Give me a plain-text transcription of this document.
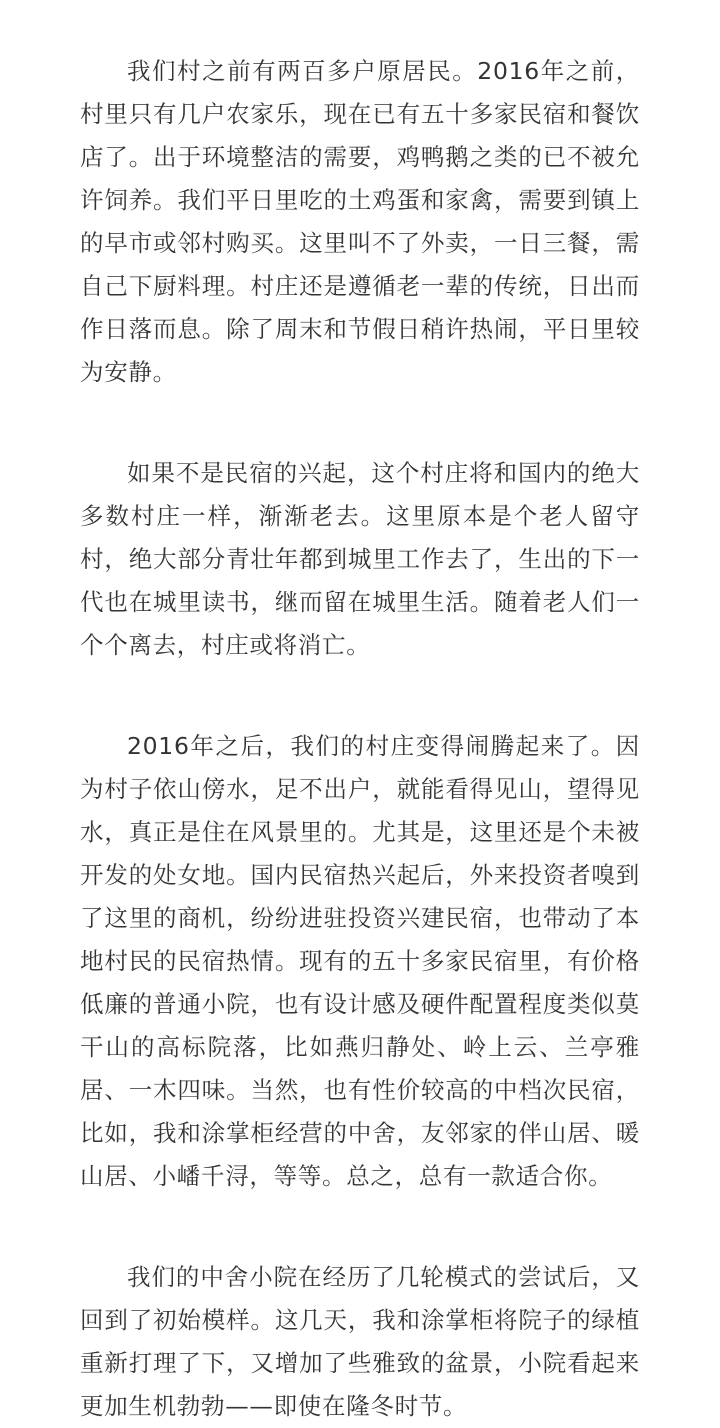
我们村之前有两百多户原居民。2016年之前，村里只有几户农家乐，现在已有五十多家民宿和餐饮店了。出于环境整洁的需要，鸡鸭鹅之类的已不被允许饲养。我们平日里吃的土鸡蛋和家禽，需要到镇上的早市或邻村购买。这里叫不了外卖，一日三餐，需自己下厨料理。村庄还是遵循老一辈的传统，日出而作日落而息。除了周末和节假日稍许热闹，平日里较为安静。

如果不是民宿的兴起，这个村庄将和国内的绝大多数村庄一样，渐渐老去。这里原本是个老人留守村，绝大部分青壮年都到城里工作去了，生出的下一代也在城里读书，继而留在城里生活。随着老人们一个个离去，村庄或将消亡。

2016年之后，我们的村庄变得闹腾起来了。因为村子依山傍水，足不出户，就能看得见山，望得见水，真正是住在风景里的。尤其是，这里还是个未被开发的处女地。国内民宿热兴起后，外来投资者嗅到了这里的商机，纷纷进驻投资兴建民宿，也带动了本地村民的民宿热情。现有的五十多家民宿里，有价格低廉的普通小院，也有设计感及硬件配置程度类似莫干山的高标院落，比如燕归静处、岭上云、兰亭雅居、一木四味。当然，也有性价较高的中档次民宿，比如，我和涂掌柜经营的中舍，友邻家的伴山居、暖山居、小嶓千浔，等等。总之，总有一款适合你。

我们的中舍小院在经历了几轮模式的尝试后，又回到了初始模样。这几天，我和涂掌柜将院子的绿植重新打理了下，又增加了些雅致的盆景，小院看起来更加生机勃勃——即使在隆冬时节。
